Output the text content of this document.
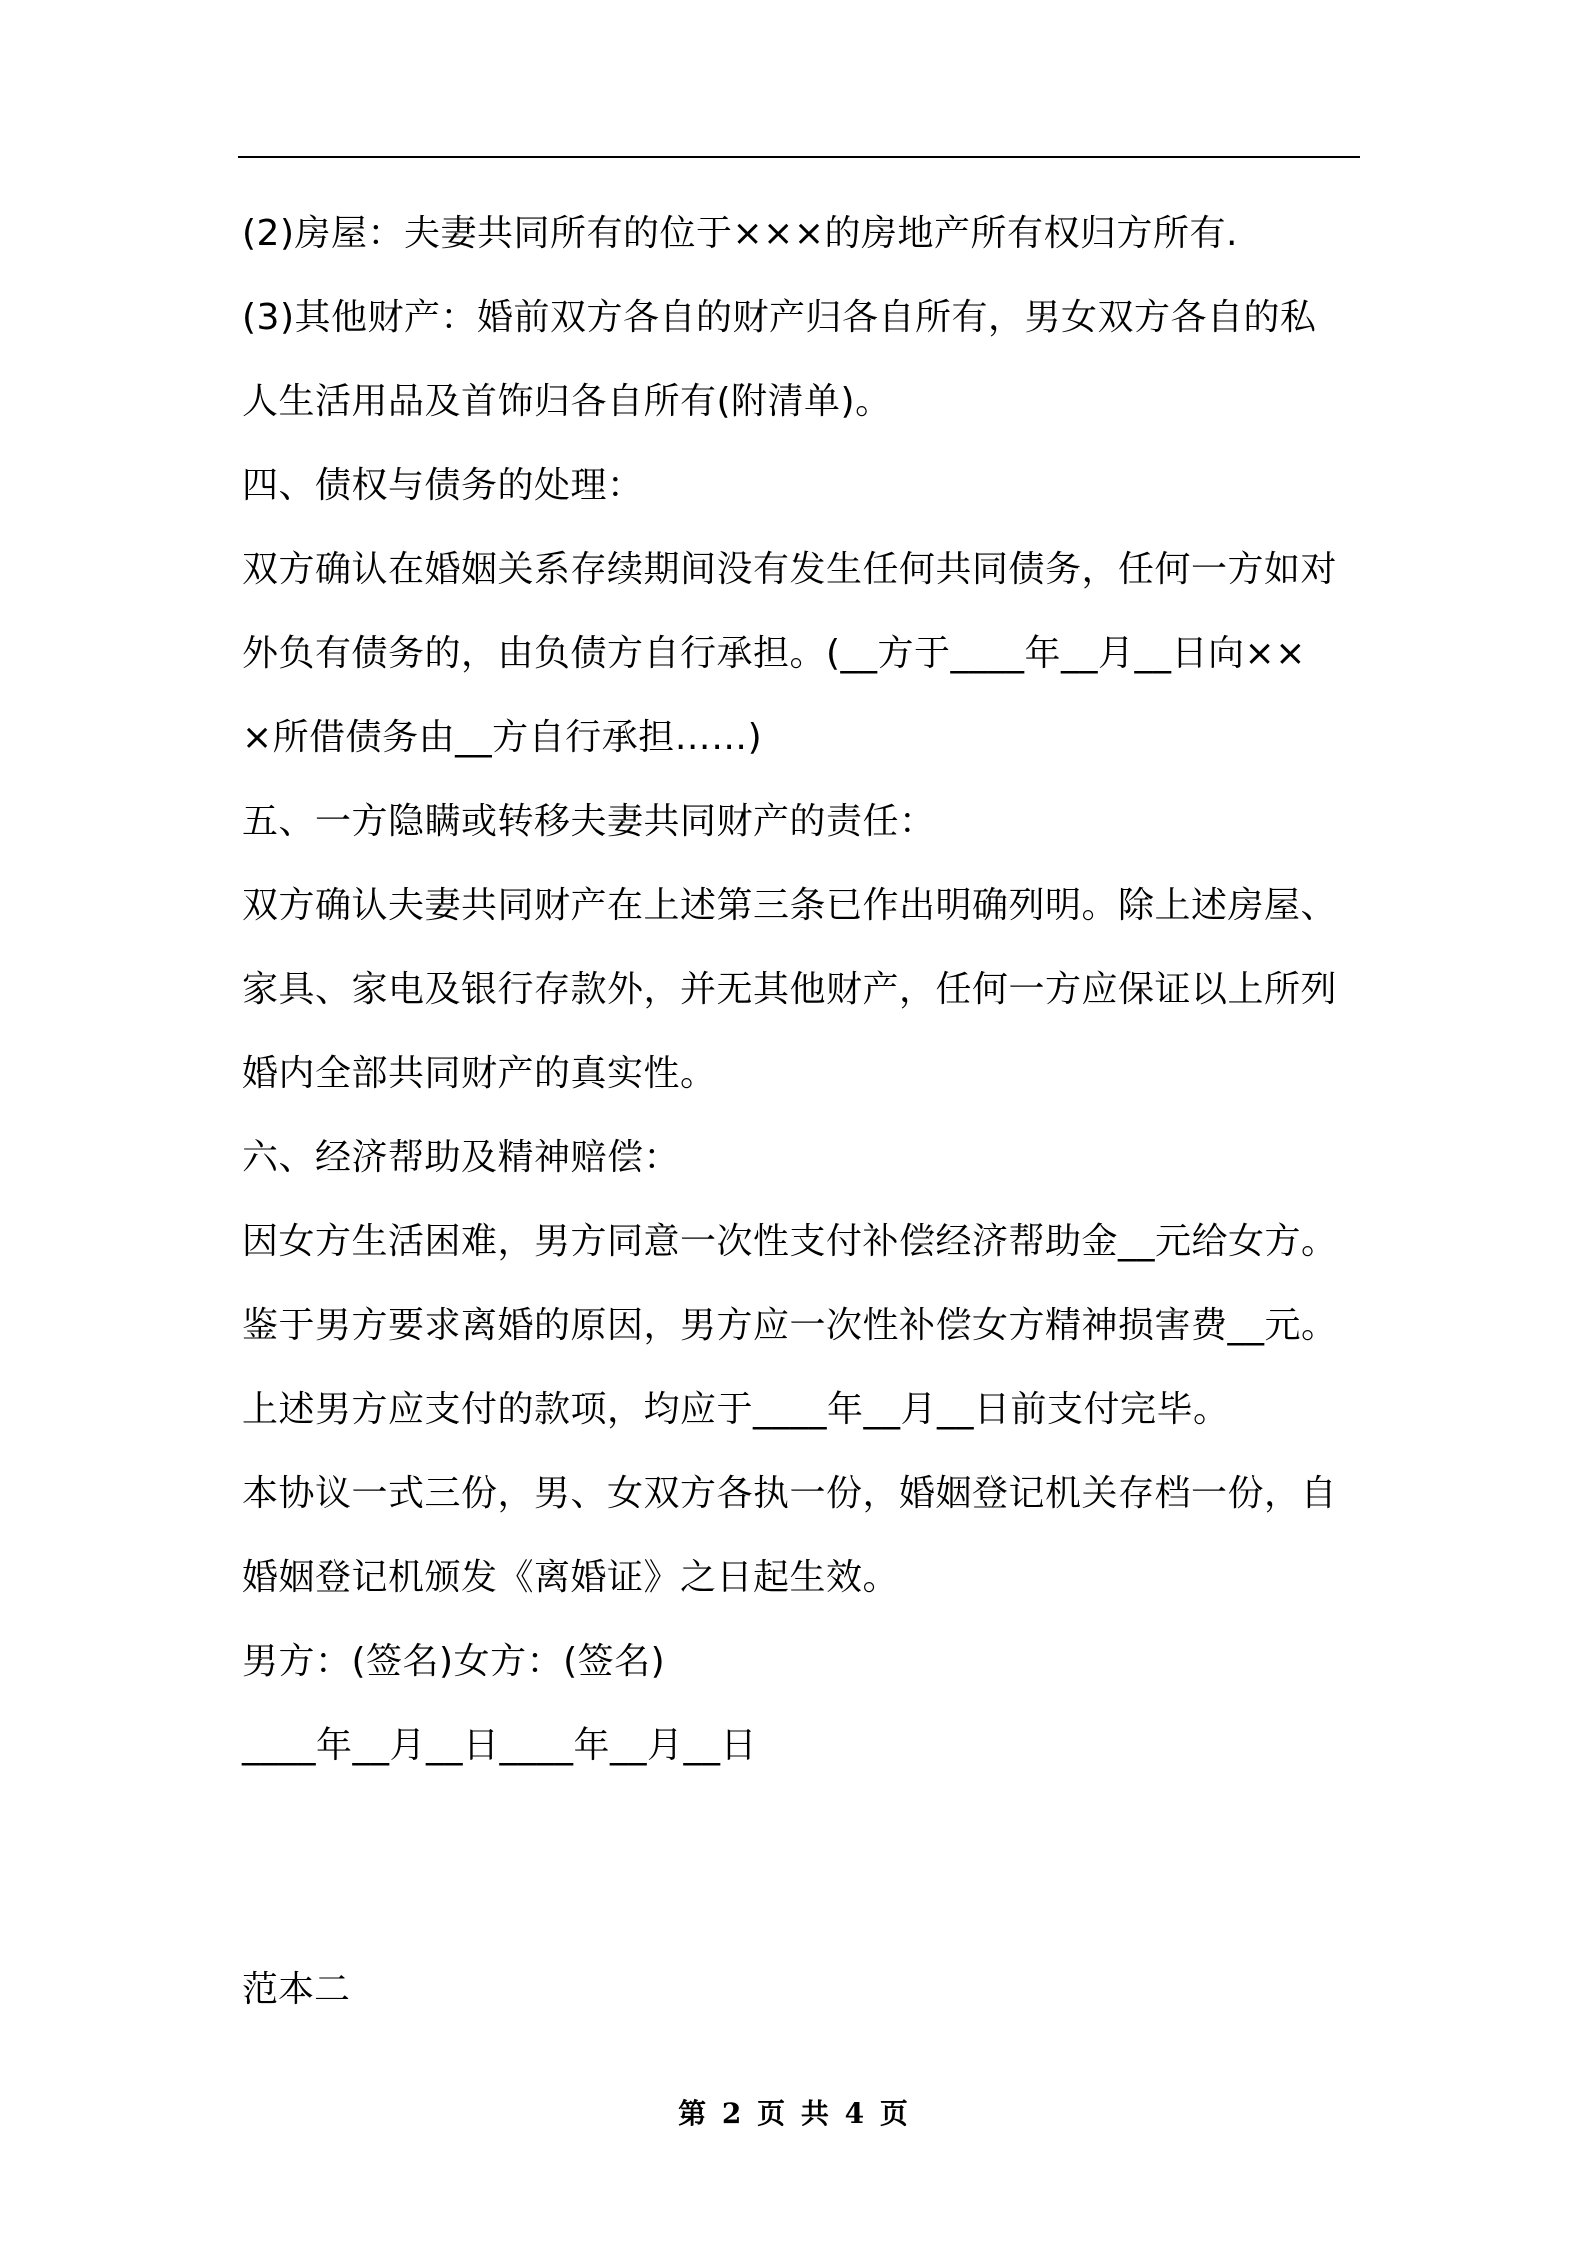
(2)房屋：夫妻共同所有的位于×××的房地产所有权归方所有.

(3)其他财产：婚前双方各自的财产归各自所有，男女双方各自的私

人生活用品及首饰归各自所有(附清单)。

四、债权与债务的处理：

双方确认在婚姻关系存续期间没有发生任何共同债务，任何一方如对

外负有债务的，由负债方自行承担。(__方于____年__月__日向××

×所借债务由__方自行承担……)

五、一方隐瞒或转移夫妻共同财产的责任：

双方确认夫妻共同财产在上述第三条已作出明确列明。除上述房屋、

家具、家电及银行存款外，并无其他财产，任何一方应保证以上所列

婚内全部共同财产的真实性。

六、经济帮助及精神赔偿：

因女方生活困难，男方同意一次性支付补偿经济帮助金__元给女方。

鉴于男方要求离婚的原因，男方应一次性补偿女方精神损害费__元。

上述男方应支付的款项，均应于____年__月__日前支付完毕。

本协议一式三份，男、女双方各执一份，婚姻登记机关存档一份，自

婚姻登记机颁发《离婚证》之日起生效。

男方：(签名)女方：(签名)

____年__月__日____年__月__日

范本二

第 2 页 共 4 页
